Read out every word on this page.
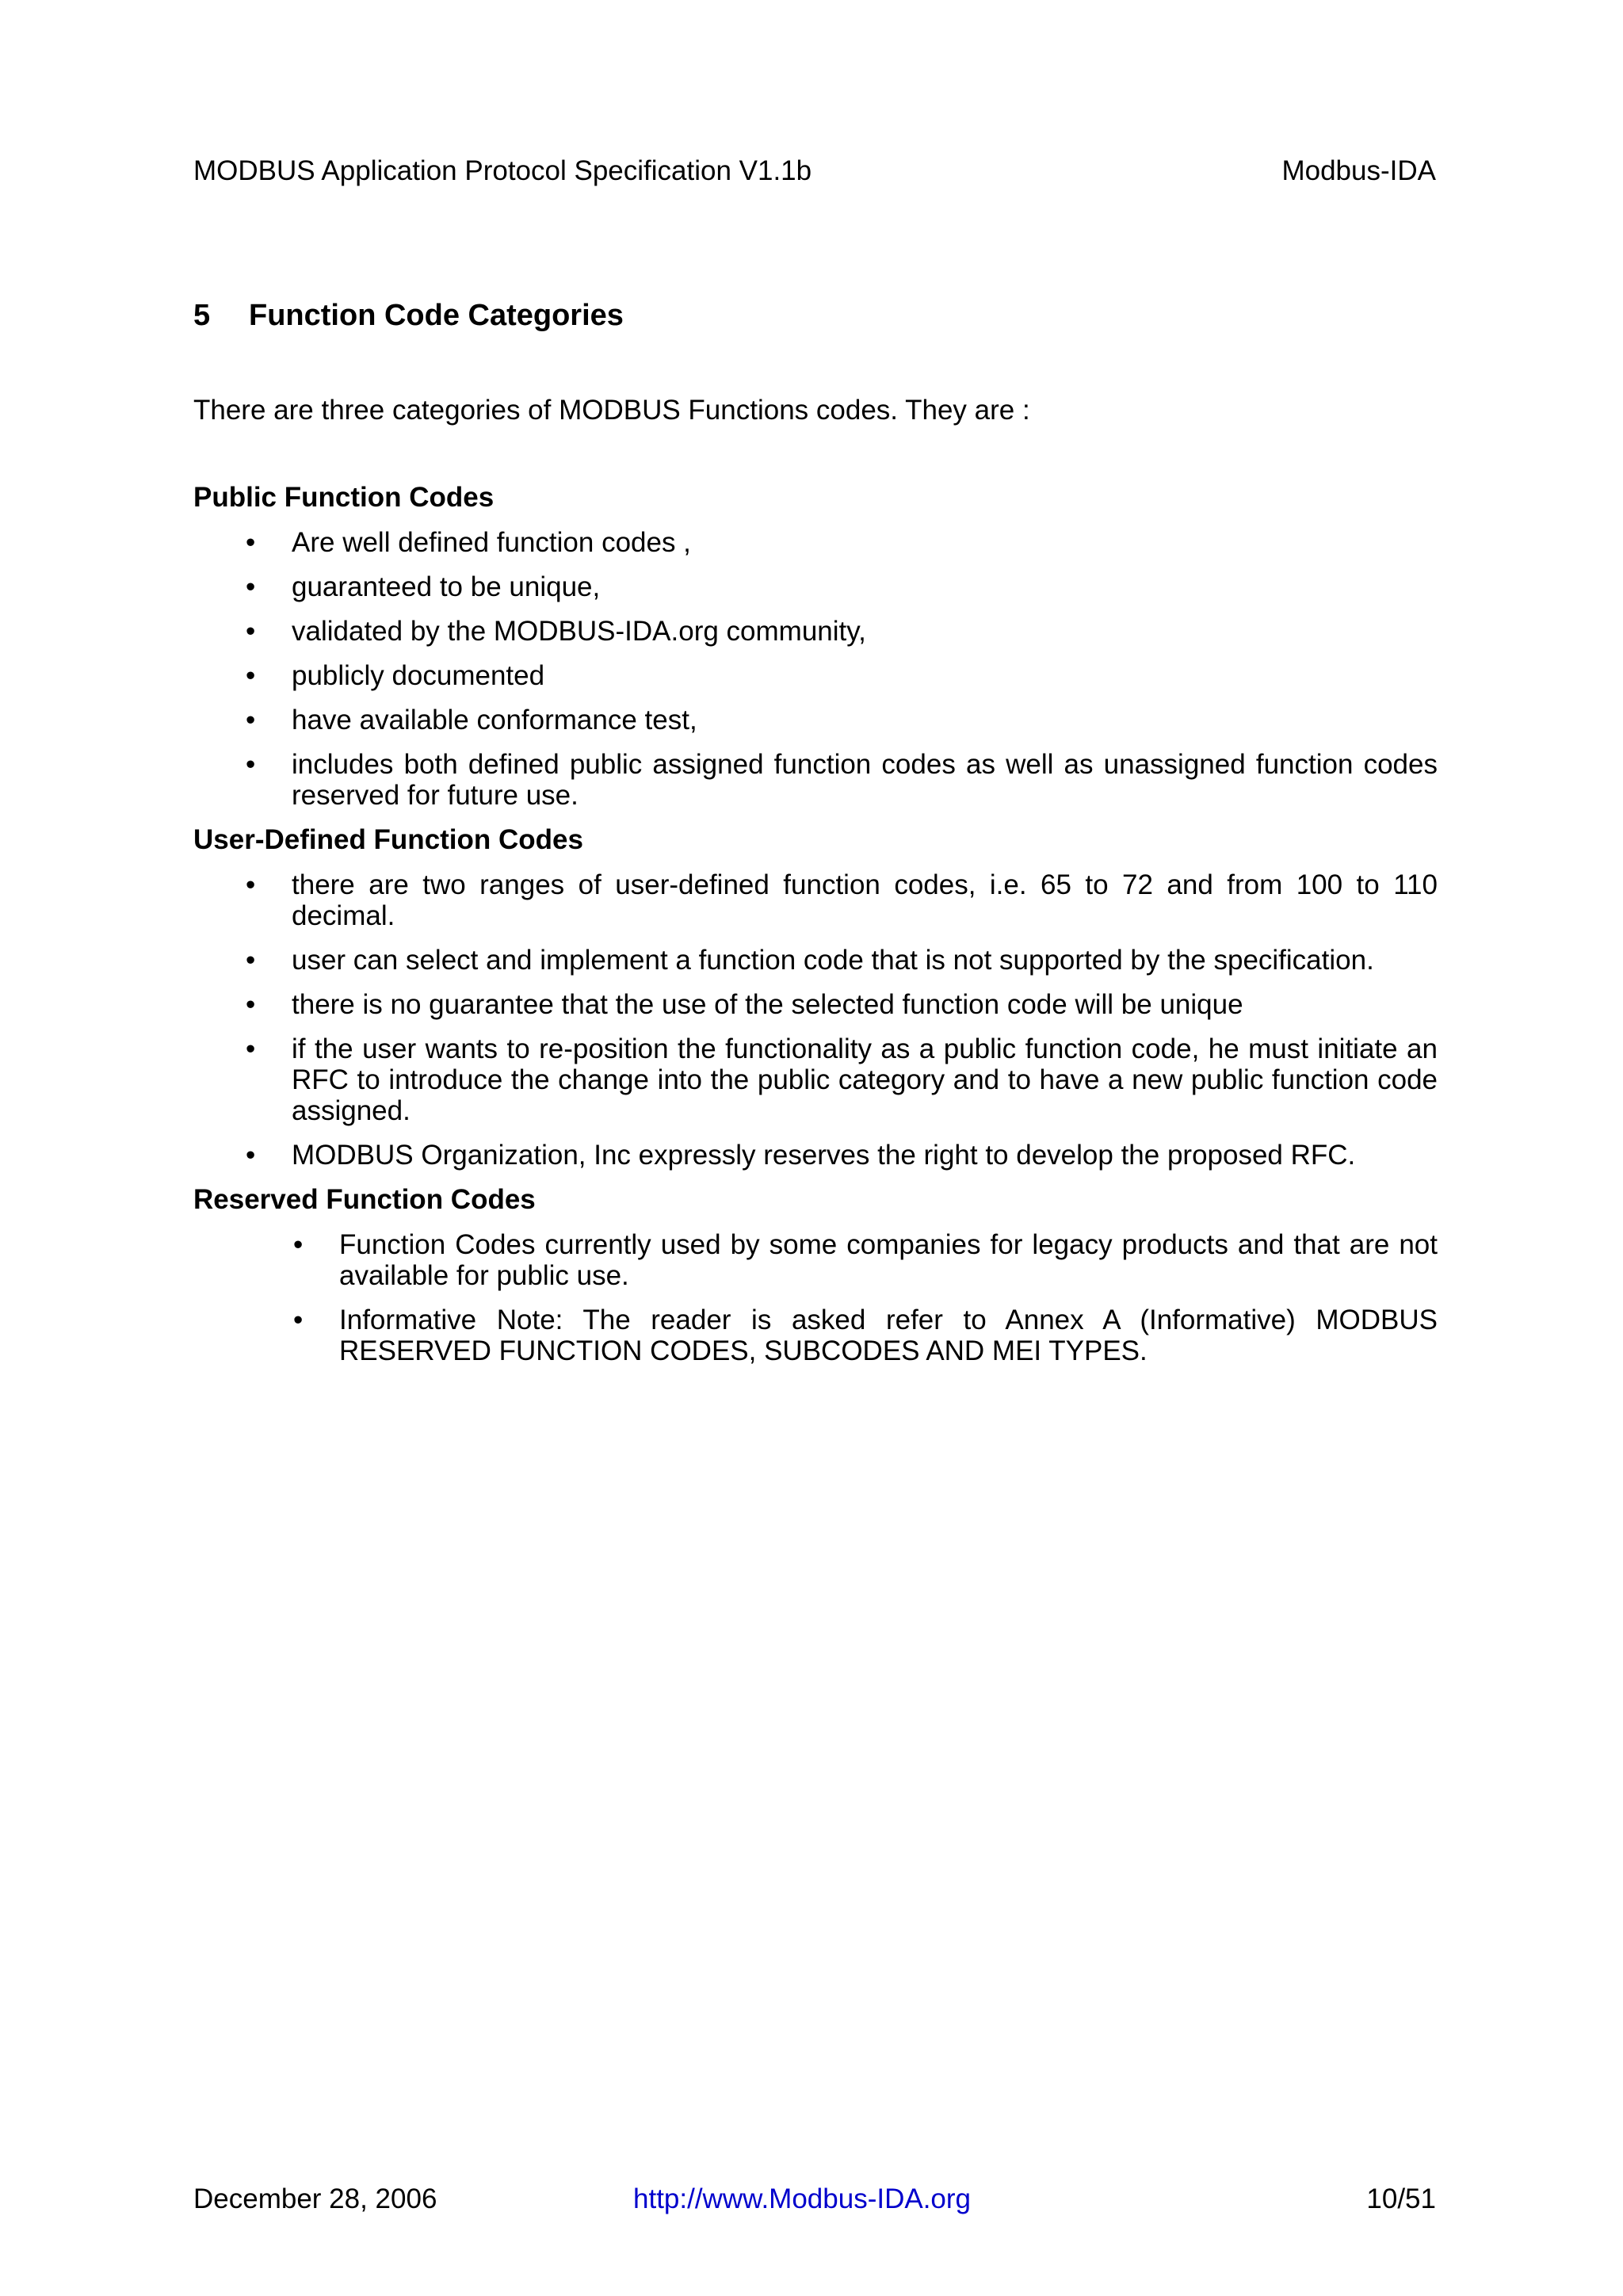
MODBUS Application Protocol Specification V1.1b	Modbus-IDA
5 Function Code Categories
There are three categories of MODBUS Functions codes. They are :
Public Function Codes
• Are well defined function codes ,
• guaranteed to be unique,
• validated by the MODBUS-IDA.org community,
• publicly documented
• have available conformance test,
• includes both defined public assigned function codes as well as unassigned function codes reserved for future use.
User-Defined Function Codes
• there are two ranges of user-defined function codes, i.e. 65 to 72 and from 100 to 110 decimal.
• user can select and implement a function code that is not supported by the specification.
• there is no guarantee that the use of the selected function code will be unique
• if the user wants to re-position the functionality as a public function code, he must initiate an RFC to introduce the change into the public category and to have a new public function code assigned.
• MODBUS Organization, Inc expressly reserves the right to develop the proposed RFC.
Reserved Function Codes
• Function Codes currently used by some companies for legacy products and that are not available for public use.
• Informative Note: The reader is asked refer to Annex A (Informative) MODBUS RESERVED FUNCTION CODES, SUBCODES AND MEI TYPES.
December 28, 2006	http://www.Modbus-IDA.org	10/51
